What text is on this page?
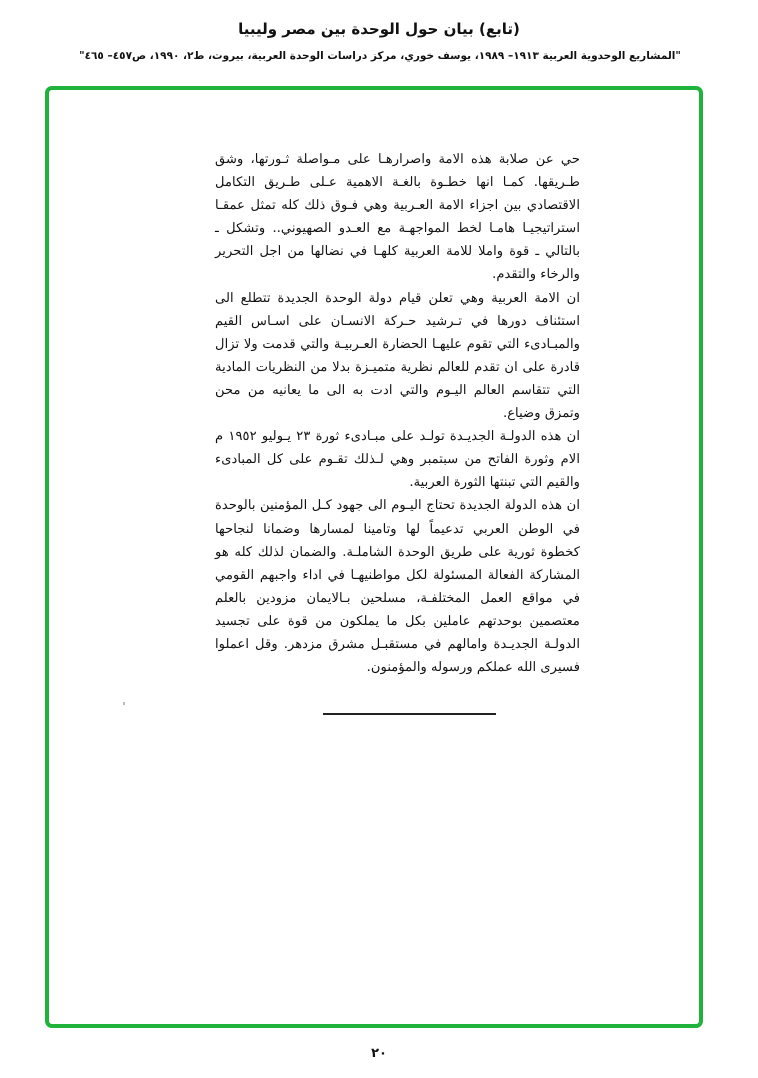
(تابع) بيان حول الوحدة بين مصر وليبيا
"المشاريع الوحدوية العربية ١٩١٣– ١٩٨٩، يوسف خوري، مركز دراسات الوحدة العربية، بيروت، ط٢، ١٩٩٠، ص٤٥٧– ٤٦٥"

حي عن صلابة هذه الامة واصرارهـا على مـواصلة ثـورتها، وشق طـريقها. كمـا انها خطـوة بالغـة الاهمية عـلى طـريق التكامل الاقتصادي بين اجزاء الامة العـربية وهي فـوق ذلك كله تمثل عمقـا استراتيجيـا هامـا لخط المواجهـة مع العـدو الصهيوني.. وتشكل ـ بالتالي ـ قوة واملا للامة العربية كلهـا في نضالها من اجل التحرير والرخاء والتقدم.

ان الامة العربية وهي تعلن قيام دولة الوحدة الجديدة تتطلع الى استئناف دورها في تـرشيد حـركة الانسـان على اسـاس القيم والمبـادىء التي تقوم عليهـا الحضارة العـربيـة والتي قدمت ولا تزال قادرة على ان تقدم للعالم نظرية متميـزة بدلا من النظريات المادية التي تتقاسم العالم اليـوم والتي ادت به الى ما يعانيه من محن وتمزق وضياع.

ان هذه الدولـة الجديـدة تولـد على مبـادىء ثورة ٢٣ يـوليو ١٩٥٢ م الام وثورة الفاتح من سبتمبر وهي لـذلك تقـوم على كل المبادىء والقيم التي تبنتها الثورة العربية.

ان هذه الدولة الجديدة تحتاج اليـوم الى جهود كـل المؤمنين بالوحدة في الوطن العربي تدعيماً لها وتامينا لمسارها وضمانا لنجاحها كخطوة ثورية على طريق الوحدة الشاملـة. والضمان لذلك كله هو المشاركة الفعالة المسئولة لكل مواطنيهـا في اداء واجبهم القومي في مواقع العمل المختلفـة، مسلحين بـالايمان مزودين بالعلم معتصمين بوحدتهم عاملين بكل ما يملكون من قوة على تجسيد الدولـة الجديـدة وامالهم في مستقبـل مشرق مزدهر. وقل اعملوا فسيرى الله عملكم ورسوله والمؤمنون.

٢٠
